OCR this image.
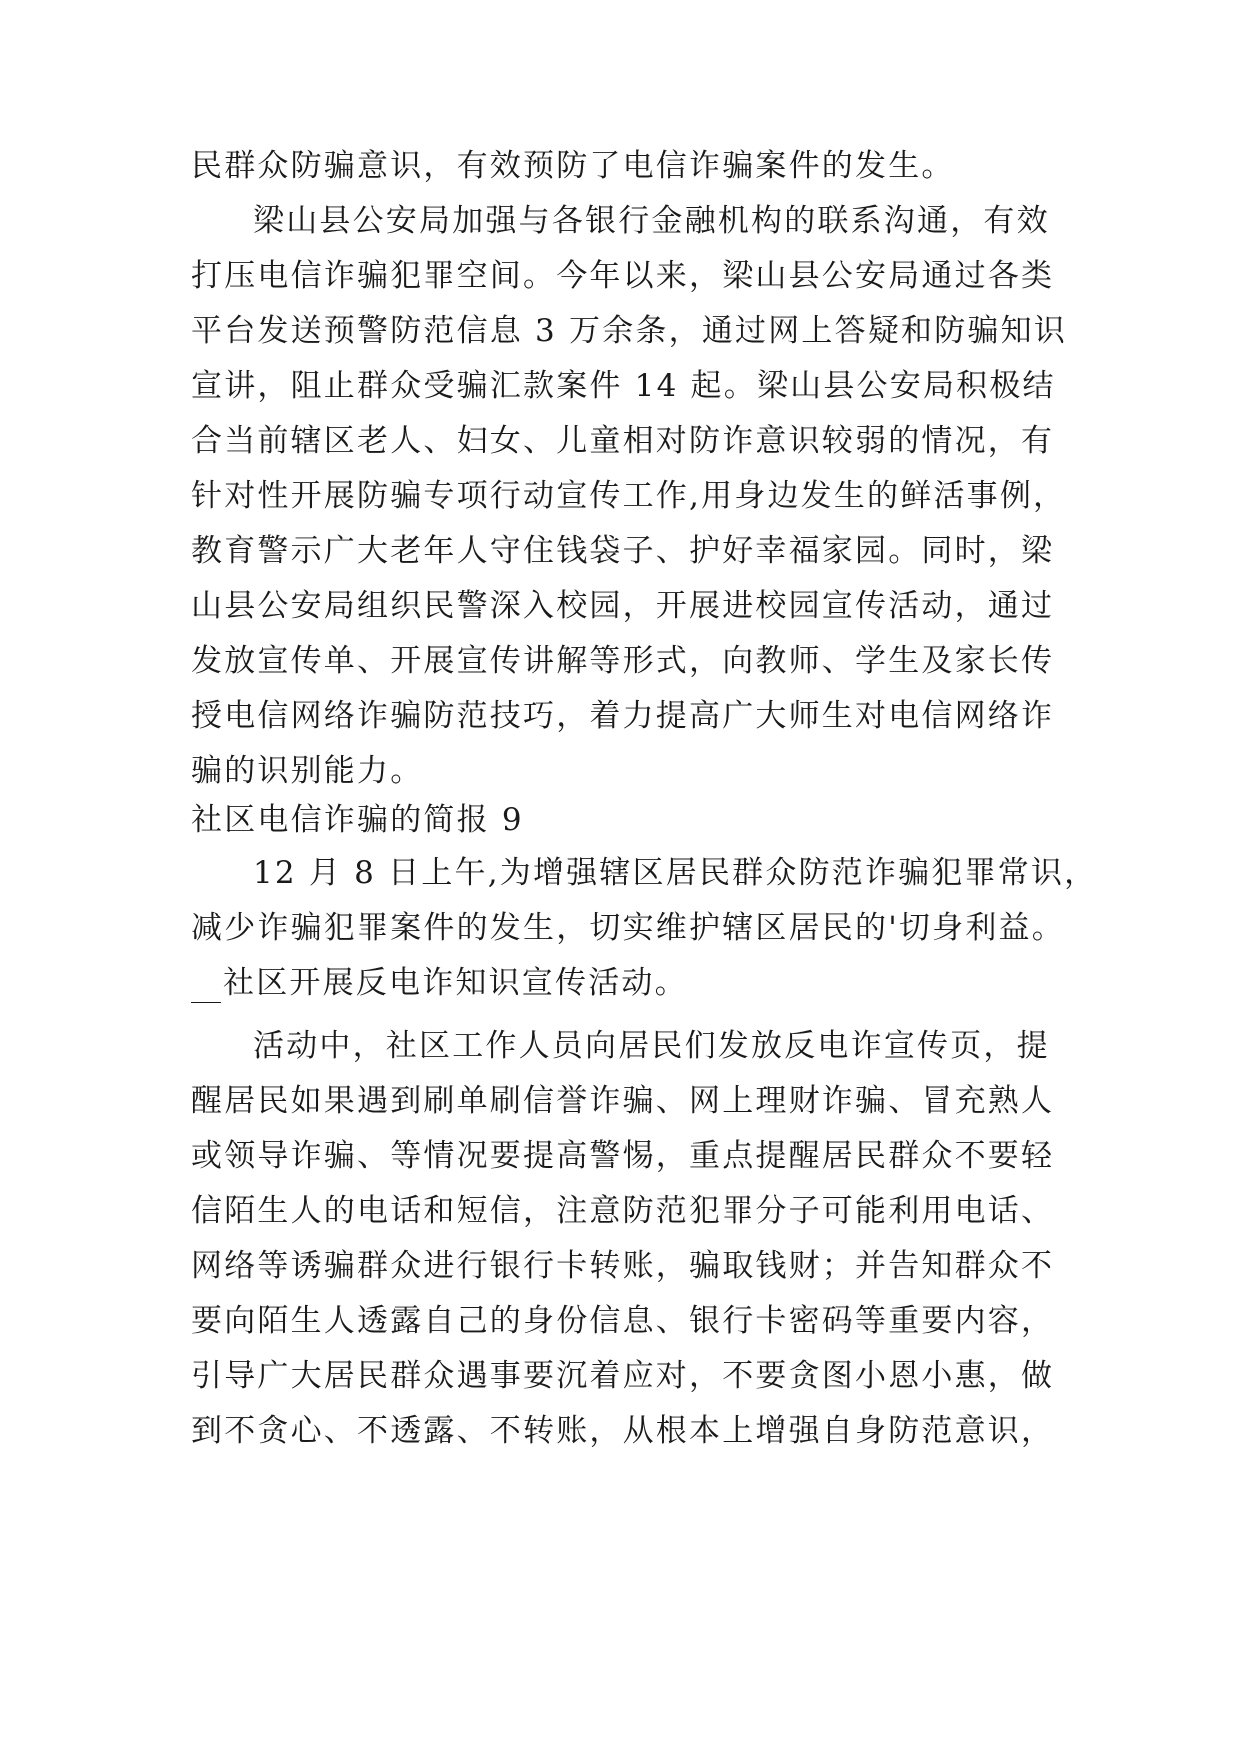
民群众防骗意识，有效预防了电信诈骗案件的发生。
梁山县公安局加强与各银行金融机构的联系沟通，有效
打压电信诈骗犯罪空间。今年以来，梁山县公安局通过各类
平台发送预警防范信息 3 万余条，通过网上答疑和防骗知识
宣讲，阻止群众受骗汇款案件 14 起。梁山县公安局积极结
合当前辖区老人、妇女、儿童相对防诈意识较弱的情况，有
针对性开展防骗专项行动宣传工作,用身边发生的鲜活事例，
教育警示广大老年人守住钱袋子、护好幸福家园。同时，梁
山县公安局组织民警深入校园，开展进校园宣传活动，通过
发放宣传单、开展宣传讲解等形式，向教师、学生及家长传
授电信网络诈骗防范技巧，着力提高广大师生对电信网络诈
骗的识别能力。
社区电信诈骗的简报 9
12 月 8 日上午,为增强辖区居民群众防范诈骗犯罪常识，
减少诈骗犯罪案件的发生，切实维护辖区居民的'切身利益。
社区开展反电诈知识宣传活动。
活动中，社区工作人员向居民们发放反电诈宣传页，提
醒居民如果遇到刷单刷信誉诈骗、网上理财诈骗、冒充熟人
或领导诈骗、等情况要提高警惕，重点提醒居民群众不要轻
信陌生人的电话和短信，注意防范犯罪分子可能利用电话、
网络等诱骗群众进行银行卡转账，骗取钱财；并告知群众不
要向陌生人透露自己的身份信息、银行卡密码等重要内容，
引导广大居民群众遇事要沉着应对，不要贪图小恩小惠，做
到不贪心、不透露、不转账，从根本上增强自身防范意识，
